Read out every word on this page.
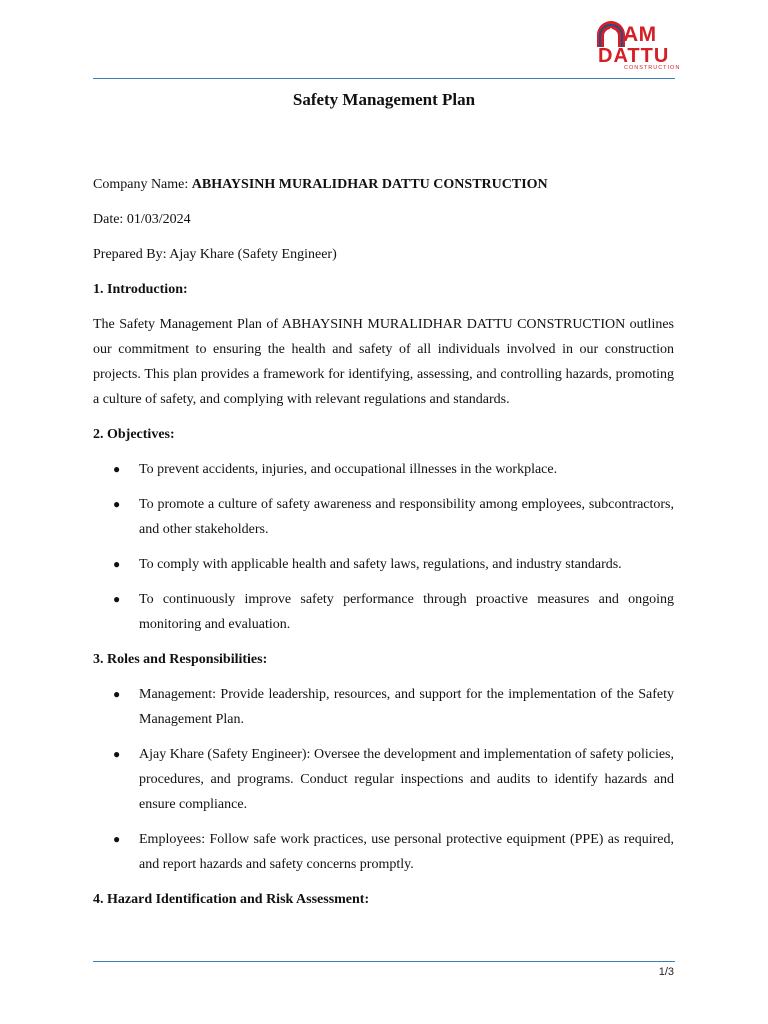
AM
DATTU
CONSTRUCTION
Safety Management Plan

Company Name: ABHAYSINH MURALIDHAR DATTU CONSTRUCTION

Date: 01/03/2024

Prepared By: Ajay Khare (Safety Engineer)

1. Introduction:

The Safety Management Plan of ABHAYSINH MURALIDHAR DATTU CONSTRUCTION outlines our commitment to ensuring the health and safety of all individuals involved in our construction projects. This plan provides a framework for identifying, assessing, and controlling hazards, promoting a culture of safety, and complying with relevant regulations and standards.

2. Objectives:

● To prevent accidents, injuries, and occupational illnesses in the workplace.
● To promote a culture of safety awareness and responsibility among employees, subcontractors, and other stakeholders.
● To comply with applicable health and safety laws, regulations, and industry standards.
● To continuously improve safety performance through proactive measures and ongoing monitoring and evaluation.

3. Roles and Responsibilities:

● Management: Provide leadership, resources, and support for the implementation of the Safety Management Plan.
● Ajay Khare (Safety Engineer): Oversee the development and implementation of safety policies, procedures, and programs. Conduct regular inspections and audits to identify hazards and ensure compliance.
● Employees: Follow safe work practices, use personal protective equipment (PPE) as required, and report hazards and safety concerns promptly.

4. Hazard Identification and Risk Assessment:

1/3
